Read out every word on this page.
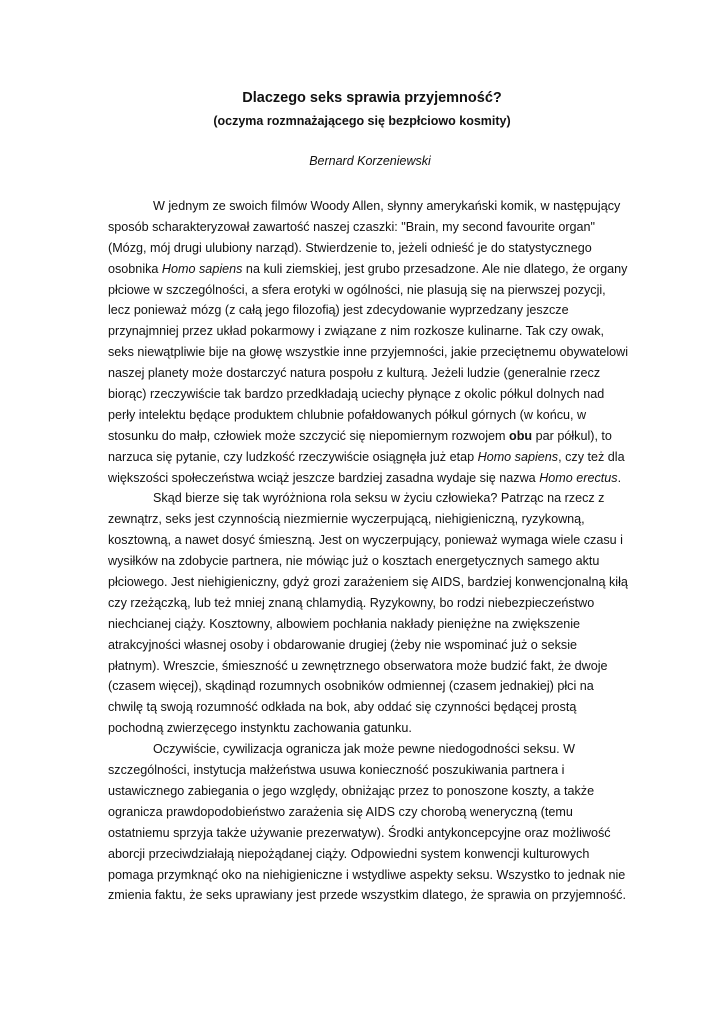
Dlaczego seks sprawia przyjemność?
(oczyma rozmnażającego się bezpłciowo kosmity)

Bernard Korzeniewski

W jednym ze swoich filmów Woody Allen, słynny amerykański komik, w następujący
sposób scharakteryzował zawartość naszej czaszki: "Brain, my second favourite organ"
(Mózg, mój drugi ulubiony narząd). Stwierdzenie to, jeżeli odnieść je do statystycznego
osobnika Homo sapiens na kuli ziemskiej, jest grubo przesadzone. Ale nie dlatego, że organy
płciowe w szczególności, a sfera erotyki w ogólności, nie plasują się na pierwszej pozycji,
lecz ponieważ mózg (z całą jego filozofią) jest zdecydowanie wyprzedzany jeszcze
przynajmniej przez układ pokarmowy i związane z nim rozkosze kulinarne. Tak czy owak,
seks niewątpliwie bije na głowę wszystkie inne przyjemności, jakie przeciętnemu obywatelowi
naszej planety może dostarczyć natura pospołu z kulturą. Jeżeli ludzie (generalnie rzecz
biorąc) rzeczywiście tak bardzo przedkładają uciechy płynące z okolic półkul dolnych nad
perły intelektu będące produktem chlubnie pofałdowanych półkul górnych (w końcu, w
stosunku do małp, człowiek może szczycić się niepomiernym rozwojem obu par półkul), to
narzuca się pytanie, czy ludzkość rzeczywiście osiągnęła już etap Homo sapiens, czy też dla
większości społeczeństwa wciąż jeszcze bardziej zasadna wydaje się nazwa Homo erectus.
Skąd bierze się tak wyróżniona rola seksu w życiu człowieka? Patrząc na rzecz z
zewnątrz, seks jest czynnością niezmiernie wyczerpującą, niehigieniczną, ryzykowną,
kosztowną, a nawet dosyć śmieszną. Jest on wyczerpujący, ponieważ wymaga wiele czasu i
wysiłków na zdobycie partnera, nie mówiąc już o kosztach energetycznych samego aktu
płciowego. Jest niehigieniczny, gdyż grozi zarażeniem się AIDS, bardziej konwencjonalną kiłą
czy rzeżączką, lub też mniej znaną chlamydią. Ryzykowny, bo rodzi niebezpieczeństwo
niechcianej ciąży. Kosztowny, albowiem pochłania nakłady pieniężne na zwiększenie
atrakcyjności własnej osoby i obdarowanie drugiej (żeby nie wspominać już o seksie
płatnym). Wreszcie, śmieszność u zewnętrznego obserwatora może budzić fakt, że dwoje
(czasem więcej), skądinąd rozumnych osobników odmiennej (czasem jednakiej) płci na
chwilę tą swoją rozumność odkłada na bok, aby oddać się czynności będącej prostą
pochodną zwierzęcego instynktu zachowania gatunku.
Oczywiście, cywilizacja ogranicza jak może pewne niedogodności seksu. W
szczególności, instytucja małżeństwa usuwa konieczność poszukiwania partnera i
ustawicznego zabiegania o jego względy, obniżając przez to ponoszone koszty, a także
ogranicza prawdopodobieństwo zarażenia się AIDS czy chorobą weneryczną (temu
ostatniemu sprzyja także używanie prezerwatyw). Środki antykoncepcyjne oraz możliwość
aborcji przeciwdziałają niepożądanej ciąży. Odpowiedni system konwencji kulturowych
pomaga przymknąć oko na niehigieniczne i wstydliwe aspekty seksu. Wszystko to jednak nie
zmienia faktu, że seks uprawiany jest przede wszystkim dlatego, że sprawia on przyjemność.
